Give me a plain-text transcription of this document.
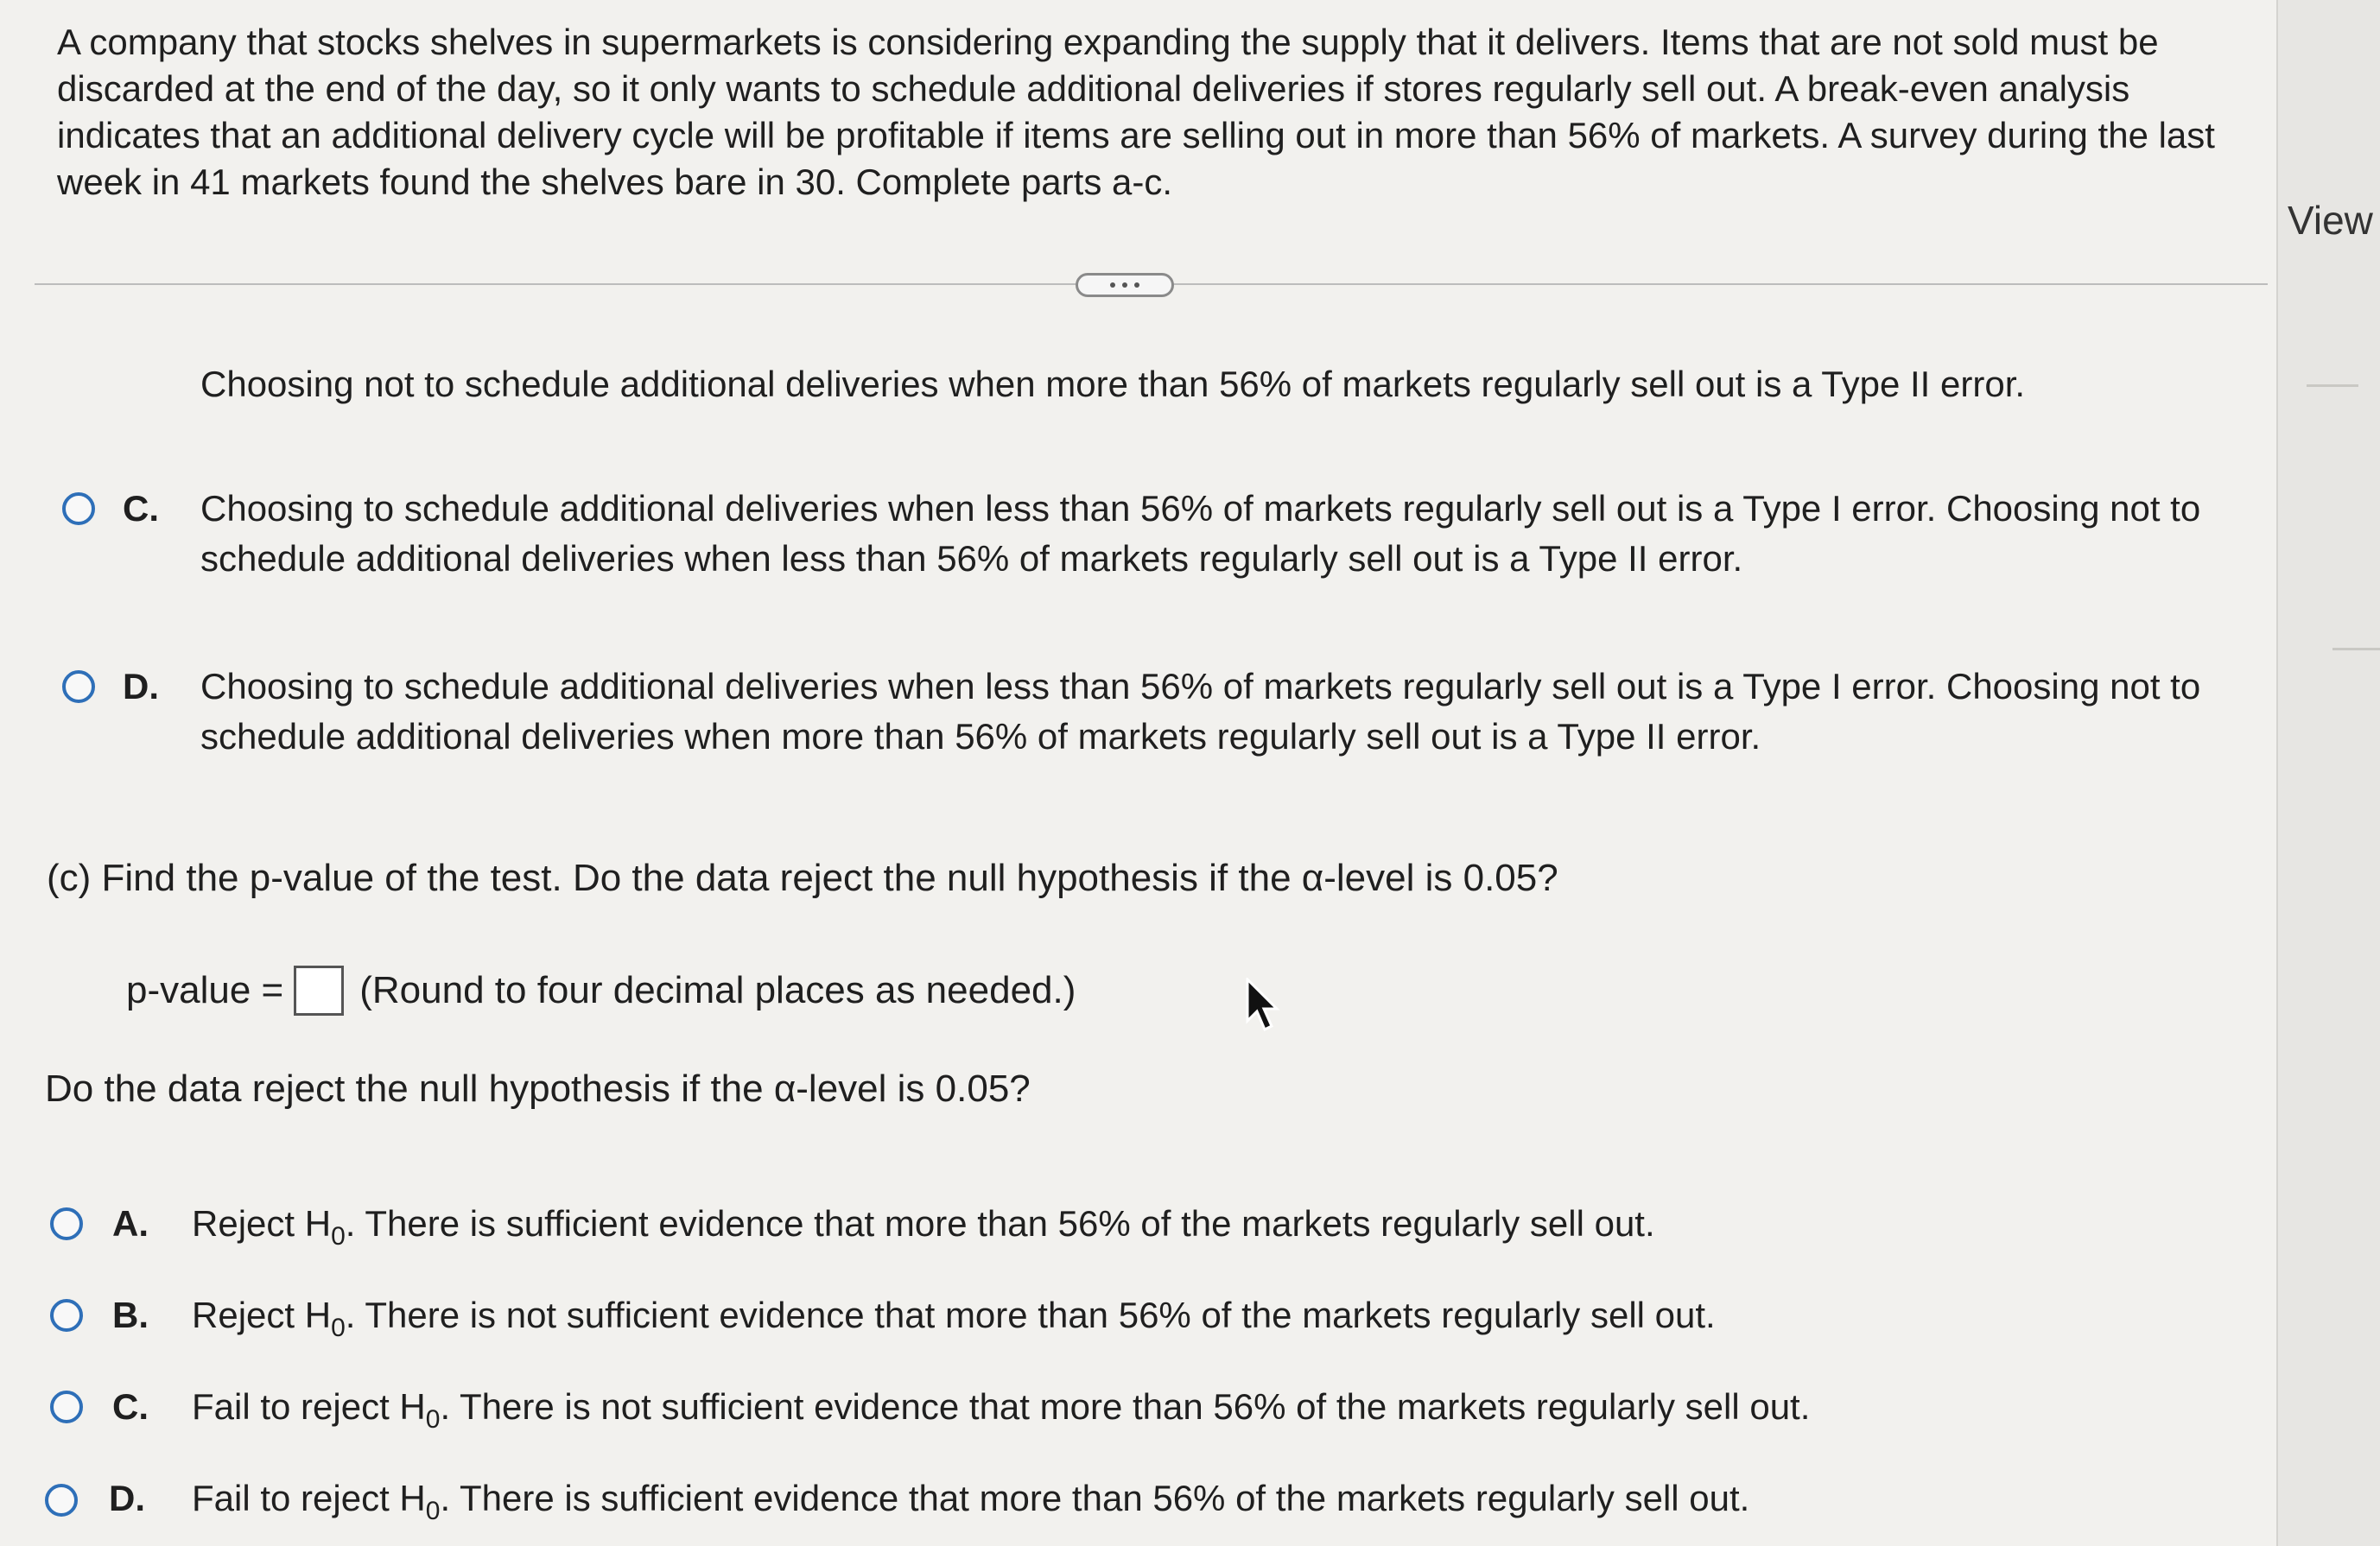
A company that stocks shelves in supermarkets is considering expanding the supply that it delivers. Items that are not sold must be discarded at the end of the day, so it only wants to schedule additional deliveries if stores regularly sell out. A break-even analysis indicates that an additional delivery cycle will be profitable if items are selling out in more than 56% of markets. A survey during the last week in 41 markets found the shelves bare in 30. Complete parts a-c.

Choosing not to schedule additional deliveries when more than 56% of markets regularly sell out is a Type II error.
C. Choosing to schedule additional deliveries when less than 56% of markets regularly sell out is a Type I error. Choosing not to schedule additional deliveries when less than 56% of markets regularly sell out is a Type II error.
D. Choosing to schedule additional deliveries when less than 56% of markets regularly sell out is a Type I error. Choosing not to schedule additional deliveries when more than 56% of markets regularly sell out is a Type II error.
(c) Find the p-value of the test. Do the data reject the null hypothesis if the α-level is 0.05?
p-value = (Round to four decimal places as needed.)
Do the data reject the null hypothesis if the α-level is 0.05?
A. Reject $H_0$. There is sufficient evidence that more than 56% of the markets regularly sell out.
B. Reject $H_0$. There is not sufficient evidence that more than 56% of the markets regularly sell out.
C. Fail to reject $H_0$. There is not sufficient evidence that more than 56% of the markets regularly sell out.
D. Fail to reject $H_0$. There is sufficient evidence that more than 56% of the markets regularly sell out.
View
